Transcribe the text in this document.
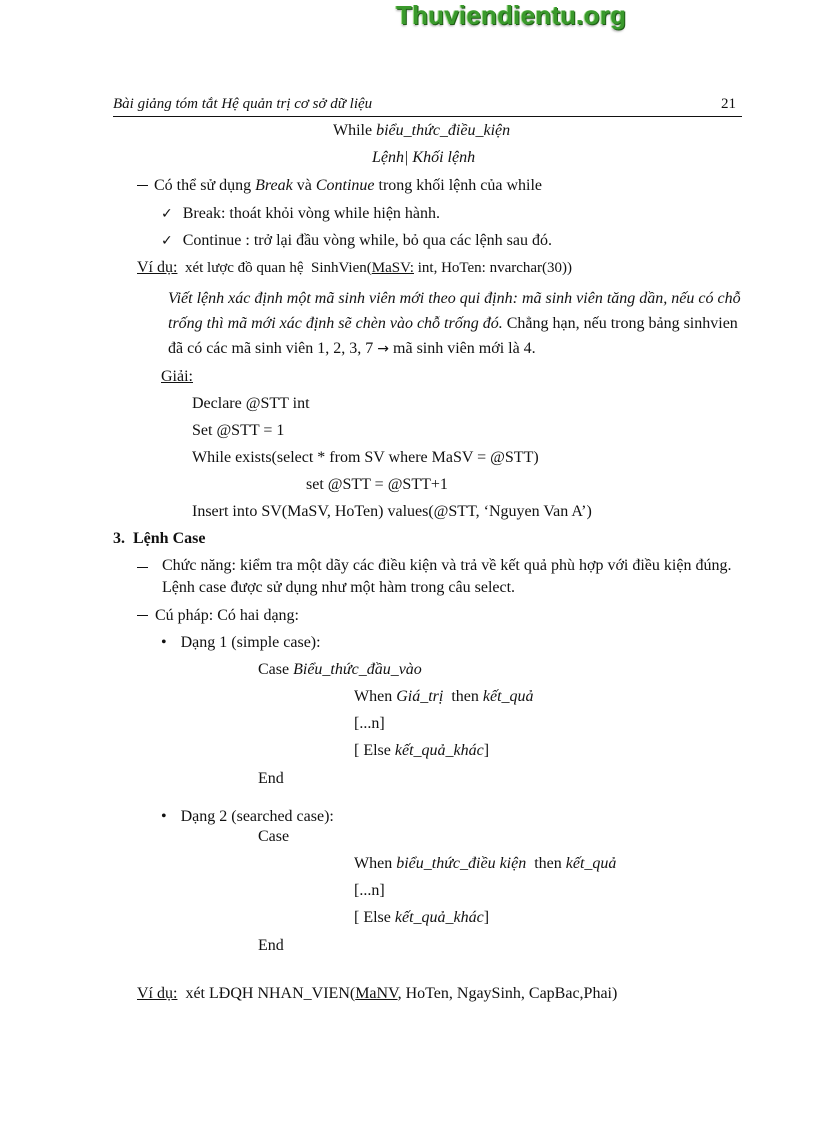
Thuviendientu.org
Bài giảng tóm tắt Hệ quản trị cơ sở dữ liệu	21
While biểu_thức_điều_kiện
Lệnh| Khối lệnh
Có thể sử dụng Break và Continue trong khối lệnh của while
✓ Break: thoát khỏi vòng while hiện hành.
✓ Continue : trở lại đầu vòng while, bỏ qua các lệnh sau đó.
Ví dụ:  xét lược đồ quan hệ  SinhVien(MaSV: int, HoTen: nvarchar(30))
Viết lệnh xác định một mã sinh viên mới theo qui định: mã sinh viên tăng dần, nếu có chỗ trống thì mã mới xác định sẽ chèn vào chỗ trống đó. Chẳng hạn, nếu trong bảng sinhvien đã có các mã sinh viên 1, 2, 3, 7 → mã sinh viên mới là 4.
Giải:
Declare @STT int
Set @STT = 1
While exists(select * from SV where MaSV = @STT)
set @STT = @STT+1
Insert into SV(MaSV, HoTen) values(@STT, ‘Nguyen Van A’)
3. Lệnh Case
Chức năng: kiểm tra một dãy các điều kiện và trả về kết quả phù hợp với điều kiện đúng. Lệnh case được sử dụng như một hàm trong câu select.
Cú pháp: Có hai dạng:
• Dạng 1 (simple case):
Case Biểu_thức_đầu_vào
When Giá_trị  then kết_quả
[...n]
[ Else kết_quả_khác]
End
• Dạng 2 (searched case):
Case
When biểu_thức_điều kiện  then kết_quả
[...n]
[ Else kết_quả_khác]
End
Ví dụ:  xét LĐQH NHAN_VIEN(MaNV, HoTen, NgaySinh, CapBac,Phai)
